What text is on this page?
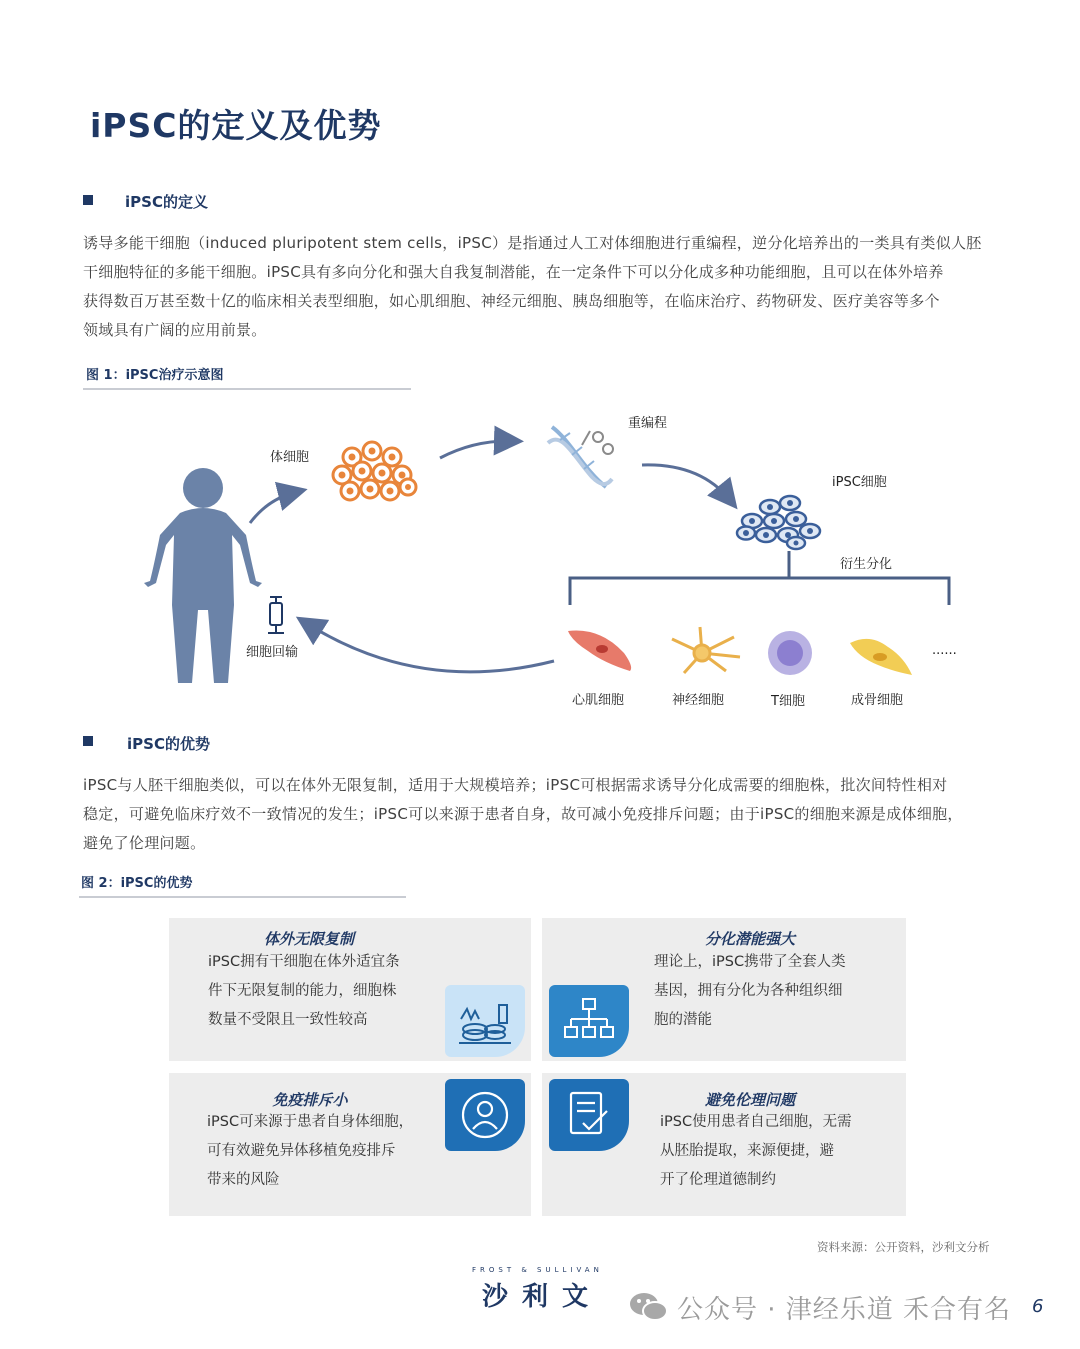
iPSC的定义及优势
iPSC的定义
诱导多能干细胞（induced pluripotent stem cells，iPSC）是指通过人工对体细胞进行重编程，逆分化培养出的一类具有类似人胚
干细胞特征的多能干细胞。iPSC具有多向分化和强大自我复制潜能，在一定条件下可以分化成多种功能细胞，且可以在体外培养
获得数百万甚至数十亿的临床相关表型细胞，如心肌细胞、神经元细胞、胰岛细胞等，在临床治疗、药物研发、医疗美容等多个
领域具有广阔的应用前景。
图 1：iPSC治疗示意图
体细胞
重编程
iPSC细胞
衍生分化
细胞回输
心肌细胞	神经细胞	T细胞	成骨细胞
......
iPSC的优势
iPSC与人胚干细胞类似，可以在体外无限复制，适用于大规模培养；iPSC可根据需求诱导分化成需要的细胞株，批次间特性相对
稳定，可避免临床疗效不一致情况的发生；iPSC可以来源于患者自身，故可减小免疫排斥问题；由于iPSC的细胞来源是成体细胞，
避免了伦理问题。
图 2：iPSC的优势
体外无限复制
iPSC拥有干细胞在体外适宜条
件下无限复制的能力，细胞株
数量不受限且一致性较高
分化潜能强大
理论上，iPSC携带了全套人类
基因，拥有分化为各种组织细
胞的潜能
免疫排斥小
iPSC可来源于患者自身体细胞，
可有效避免异体移植免疫排斥
带来的风险
避免伦理问题
iPSC使用患者自己细胞，无需
从胚胎提取，来源便捷，避
开了伦理道德制约
资料来源：公开资料，沙利文分析
FROST & SULLIVAN
沙利文	公众号 · 津经乐道 禾合有名 6
